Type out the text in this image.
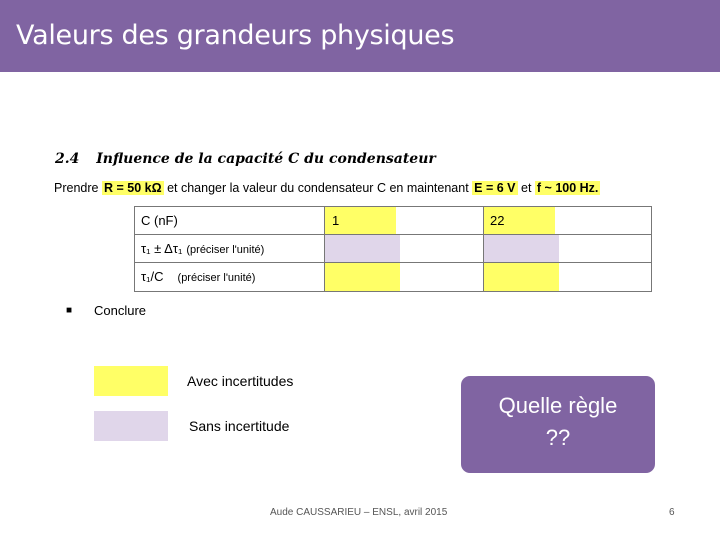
Valeurs des grandeurs physiques
2.4 Influence de la capacité C du condensateur
Prendre R = 50 kΩ et changer la valeur du condensateur C en maintenant E = 6 V et f ~ 100 Hz.
C (nF)	1	22
τ₁ ± Δτ₁ (préciser l'unité)
τ₁/C (préciser l'unité)
■ Conclure
Avec incertitudes
Sans incertitude
Quelle règle
??
Aude CAUSSARIEU – ENSL, avril 2015	6
